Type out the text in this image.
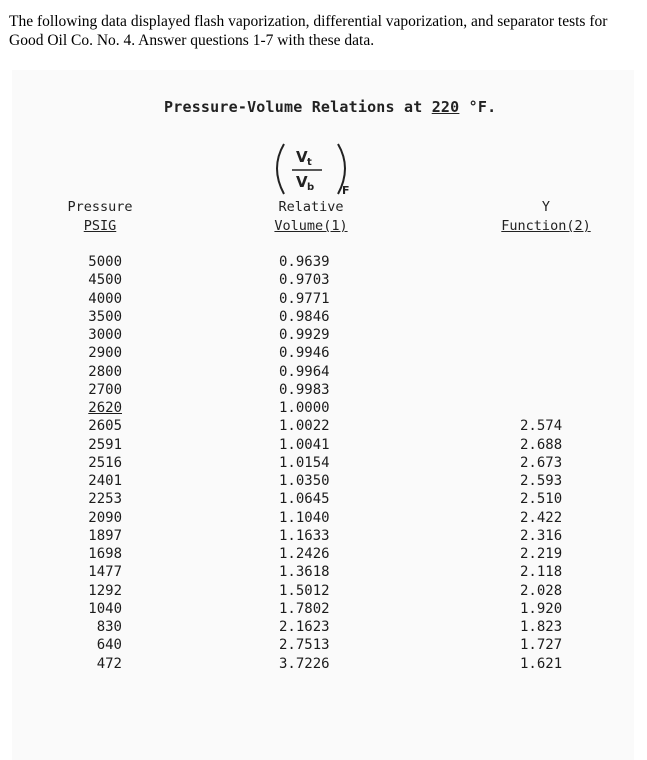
The following data displayed flash vaporization, differential vaporization, and separator tests for Good Oil Co. No. 4. Answer questions 1-7 with these data.
Pressure-Volume Relations at 220 °F.
V t
V b	F
Pressure
PSIG
Relative
Volume(1)
Y
Function(2)
5000
4500
4000
3500
3000
2900
2800
2700
2620
2605
2591
2516
2401
2253
2090
1897
1698
1477
1292
1040
830
640
472
0.9639
0.9703
0.9771
0.9846
0.9929
0.9946
0.9964
0.9983
1.0000
1.0022
1.0041
1.0154
1.0350
1.0645
1.1040
1.1633
1.2426
1.3618
1.5012
1.7802
2.1623
2.7513
3.7226
2.574
2.688
2.673
2.593
2.510
2.422
2.316
2.219
2.118
2.028
1.920
1.823
1.727
1.621
